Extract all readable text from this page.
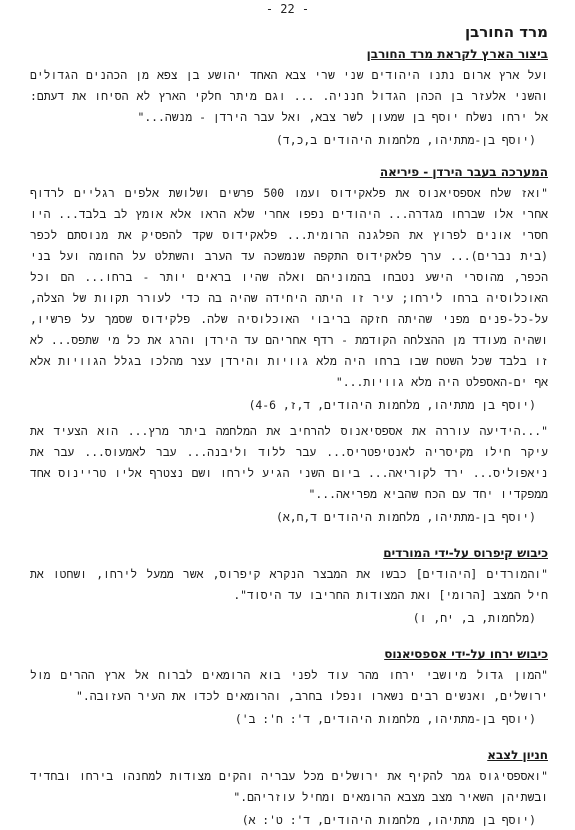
- 22 -
מרד החורבן
ביצור הארץ לקראת מרד החורבן

ועל ארץ ארום נתנו היהודים שני שרי צבא האחד יהושע בן צפא מן הכהנים הגדולים והשני אלעזר בן הכהן הגדול חנניה. ... וגם מיתר חלקי הארץ לא הסיחו את דעתם: אל ירחו נשלח יוסף בן שמעון לשר צבא, ואל עבר הירדן - מנשה..."

(יוסף בן-מתתיהו, מלחמות היהודים ב,כ,ד)
המערכה בעבר הירדן - פיריאה

"ואז שלח אספסיאנוס את פלאקידוס ועמו 500 פרשים ושלושת אלפים רגליים לרדוף אחרי אלו שברחו מגדרה... היהודים נפפו אחרי שלא הראו אלא אומץ לב בלבד... היו חסרי אונים לפרוץ את הפלגנה הרומית... פלאקידוס שקד להפסיק את מנוסתם לכפר (בית נברים)... ערך פלאקידוס התקפה שנמשכה עד הערב והשתלט על החומה ועל בני הכפר, מהוסרי הישע נטבחו בהמוניהם ואלה שהיו בראים יותר - ברחו... הם וכל האוכלוסיה ברחו לירחו; עיר זו היתה היחידה שהיה בה כדי לעורר תקוות של הצלה, על-כל-פנים מפני שהיתה חזקה בריבוי האוכלוסיה שלה. פלקידוס שסמך על פרשיו, ושהיה מעודד מן ההצלחה הקודמת - רדף אחריהם עד הירדן והרג את כל מי שתפס... לא זו בלבד שכל השטח שבו ברחו היה מלא גוויות והירדן עצר מהלכו בגלל הגוויות אלא אף ים-האספלט היה מלא גוויות..."

(יוסף בן מתתיהו, מלחמות היהודים, ד,ז, 4-6)

"...הידיעה עוררה את אספסיאנוס להרחיב את המלחמה ביתר מרץ... הוא הצעיד את עיקר חילו מקיסריה לאנטיפטריס... עבר ללוד וליבנה... עבר לאמעוס... עבר את ניאפוליס... ירד לקוריאה... ביום השני הגיע לירחו ושם נצטרף אליו טריינוס אחד ממפקדיו יחד עם הכח שהביא מפריאה..."

(יוסף בן-מתתיהו, מלחמות היהודים ד,ח,א)
כיבוש קיפרוס על-ידי המורדים

"והמורדים [היהודים] כבשו את המבצר הנקרא קיפרוס, אשר ממעל לירחו, ושחטו את חיל המצב [הרומי] ואת המצודות החריבו עד היסוד".

(מלחמות, ב, יח, ו)
כיבוש ירחו על-ידי אספסיאנוס

"המון גדול מיושבי ירחו מהר עוד לפני בוא הרומאים לברוח אל ארץ ההרים מול ירושלים, ואנשים רבים נשארו ונפלו בחרב, והרומאים לכדו את העיר העזובה."

(יוסף בן-מתתיהו, מלחמות היהודים, ד': ח': ב')
חניון לצבא

"ואספסיגוס גמר להקיף את ירושלים מכל עבריה והקים מצודות למחנהו בירחו ובחדיד ובשתיהן השאיר מצב מצבא הרומאים ומחיל עוזריהם."

(יוסף בן מתתיהו, מלחמות היהודים, ד': ט': א)
